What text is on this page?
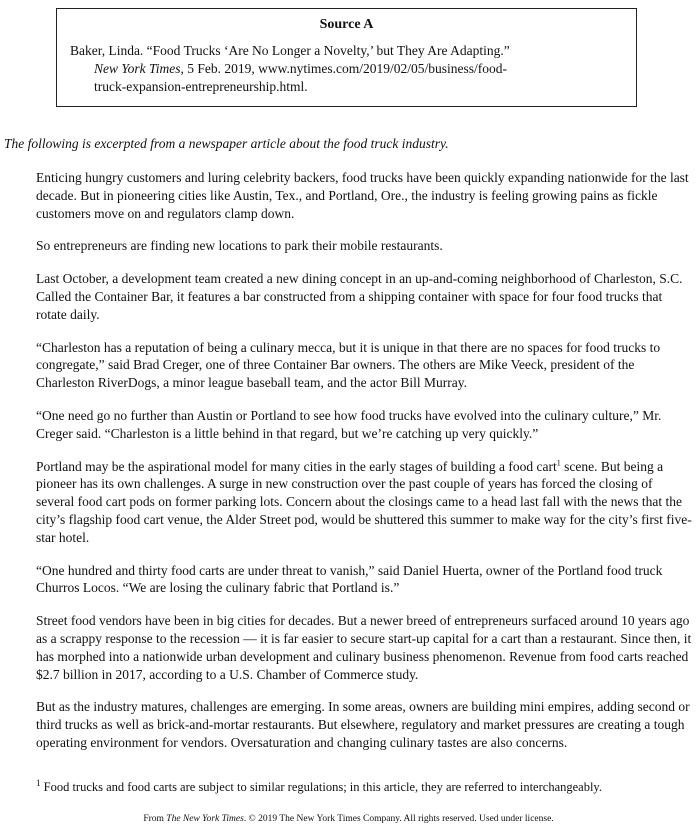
Source A
Baker, Linda. “Food Trucks ‘Are No Longer a Novelty,’ but They Are Adapting.”
New York Times, 5 Feb. 2019, www.nytimes.com/2019/02/05/business/food-
truck-expansion-entrepreneurship.html.
The following is excerpted from a newspaper article about the food truck industry.

Enticing hungry customers and luring celebrity backers, food trucks have been quickly expanding nationwide for the last decade. But in pioneering cities like Austin, Tex., and Portland, Ore., the industry is feeling growing pains as fickle customers move on and regulators clamp down.

So entrepreneurs are finding new locations to park their mobile restaurants.

Last October, a development team created a new dining concept in an up-and-coming neighborhood of Charleston, S.C. Called the Container Bar, it features a bar constructed from a shipping container with space for four food trucks that rotate daily.

“Charleston has a reputation of being a culinary mecca, but it is unique in that there are no spaces for food trucks to congregate,” said Brad Creger, one of three Container Bar owners. The others are Mike Veeck, president of the Charleston RiverDogs, a minor league baseball team, and the actor Bill Murray.

“One need go no further than Austin or Portland to see how food trucks have evolved into the culinary culture,” Mr. Creger said. “Charleston is a little behind in that regard, but we’re catching up very quickly.”

Portland may be the aspirational model for many cities in the early stages of building a food cart$^1$ scene. But being a pioneer has its own challenges. A surge in new construction over the past couple of years has forced the closing of several food cart pods on former parking lots. Concern about the closings came to a head last fall with the news that the city’s flagship food cart venue, the Alder Street pod, would be shuttered this summer to make way for the city’s first five-star hotel.

“One hundred and thirty food carts are under threat to vanish,” said Daniel Huerta, owner of the Portland food truck Churros Locos. “We are losing the culinary fabric that Portland is.”

Street food vendors have been in big cities for decades. But a newer breed of entrepreneurs surfaced around 10 years ago as a scrappy response to the recession — it is far easier to secure start-up capital for a cart than a restaurant. Since then, it has morphed into a nationwide urban development and culinary business phenomenon. Revenue from food carts reached $2.7 billion in 2017, according to a U.S. Chamber of Commerce study.

But as the industry matures, challenges are emerging. In some areas, owners are building mini empires, adding second or third trucks as well as brick-and-mortar restaurants. But elsewhere, regulatory and market pressures are creating a tough operating environment for vendors. Oversaturation and changing culinary tastes are also concerns.

$^1$ Food trucks and food carts are subject to similar regulations; in this article, they are referred to interchangeably.
From The New York Times. © 2019 The New York Times Company. All rights reserved. Used under license.
